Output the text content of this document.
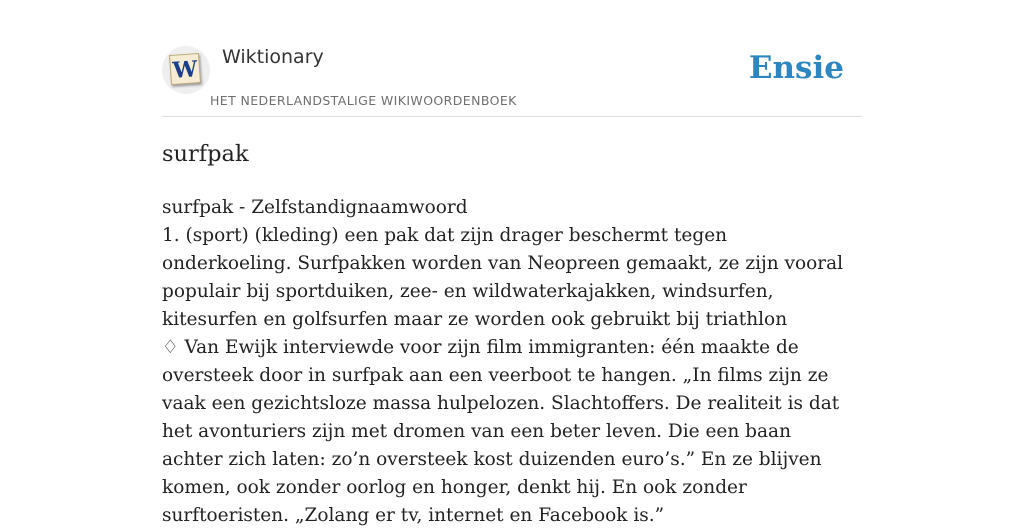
W Wiktionary
HET NEDERLANDSTALIGE WIKIWOORDENBOEK
Ensie
surfpak

surfpak - Zelfstandignaamwoord

1. (sport) (kleding) een pak dat zijn drager beschermt tegen onderkoeling. Surfpakken worden van Neopreen gemaakt, ze zijn vooral populair bij sportduiken, zee- en wildwaterkajakken, windsurfen, kitesurfen en golfsurfen maar ze worden ook gebruikt bij triathlon

♢ Van Ewijk interviewde voor zijn film immigranten: één maakte de oversteek door in surfpak aan een veerboot te hangen. „In films zijn ze vaak een gezichtsloze massa hulpelozen. Slachtoffers. De realiteit is dat het avonturiers zijn met dromen van een beter leven. Die een baan achter zich laten: zo’n oversteek kost duizenden euro’s.” En ze blijven komen, ook zonder oorlog en honger, denkt hij. En ook zonder surftoeristen. „Zolang er tv, internet en Facebook is.”
